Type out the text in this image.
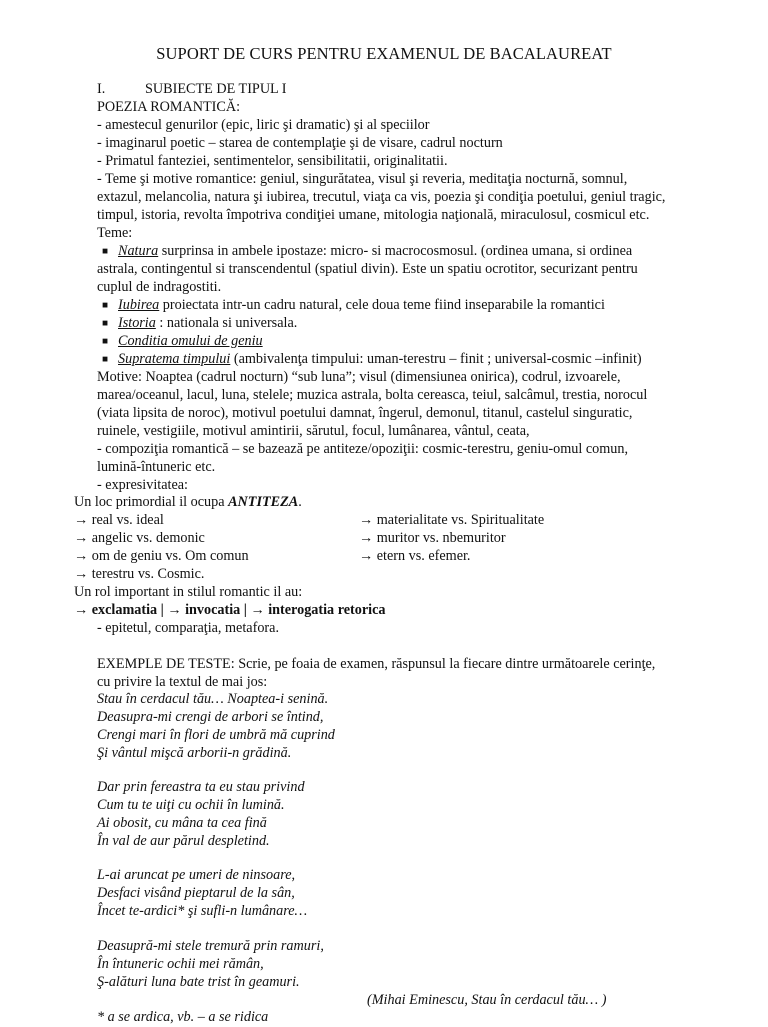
SUPORT DE CURS PENTRU EXAMENUL DE BACALAUREAT
I.	SUBIECTE DE TIPUL I
POEZIA ROMANTICĂ:
- amestecul genurilor (epic, liric şi dramatic) şi al speciilor
- imaginarul poetic – starea de contemplaţie şi de visare, cadrul nocturn
- Primatul fanteziei, sentimentelor, sensibilitatii, originalitatii.
- Teme şi motive romantice: geniul, singurătatea, visul şi reveria, meditaţia nocturnă, somnul,
extazul, melancolia, natura şi iubirea, trecutul, viaţa ca vis, poezia şi condiţia poetului, geniul tragic,
timpul, istoria, revolta împotriva condiţiei umane, mitologia naţională, miraculosul, cosmicul etc.
Teme:
■ Natura surprinsa in ambele ipostaze: micro- si macrocosmosul. (ordinea umana, si ordinea
astrala, contingentul si transcendentul (spatiul divin). Este un spatiu ocrotitor, securizant pentru
cuplul de indragostiti.
■ Iubirea proiectata intr-un cadru natural, cele doua teme fiind inseparabile la romantici
■ Istoria : nationala si universala.
■ Conditia omului de geniu
■ Supratema timpului (ambivalenţa timpului: uman-terestru – finit ; universal-cosmic –infinit)
Motive: Noaptea (cadrul nocturn) “sub luna”; visul (dimensiunea onirica), codrul, izvoarele,
marea/oceanul, lacul, luna, stelele; muzica astrala, bolta cereasca, teiul, salcâmul, trestia, norocul
(viata lipsita de noroc), motivul poetului damnat, îngerul, demonul, titanul, castelul singuratic,
ruinele, vestigiile, motivul amintirii, sărutul, focul, lumânarea, vântul, ceata,
- compoziţia romantică – se bazează pe antiteze/opoziţii: cosmic-terestru, geniu-omul comun,
lumină-întuneric etc.
- expresivitatea:
Un loc primordial il ocupa ANTITEZA.
→ real vs. ideal	→ materialitate vs. Spiritualitate
→ angelic vs. demonic	→ muritor vs. nbemuritor
→ om de geniu vs. Om comun	→ etern vs. efemer.
→ terestru vs. Cosmic.
Un rol important in stilul romantic il au:
→ exclamatia | → invocatia | → interogatia retorica
- epitetul, comparaţia, metafora.
EXEMPLE DE TESTE: Scrie, pe foaia de examen, răspunsul la fiecare dintre următoarele cerinţe,
cu privire la textul de mai jos:
Stau în cerdacul tău… Noaptea-i senină.
Deasupra-mi crengi de arbori se întind,
Crengi mari în flori de umbră mă cuprind
Şi vântul mişcă arborii-n grădină.
Dar prin fereastra ta eu stau privind
Cum tu te uiţi cu ochii în lumină.
Ai obosit, cu mâna ta cea fină
În val de aur părul despletind.
L-ai aruncat pe umeri de ninsoare,
Desfaci visând pieptarul de la sân,
Încet te-ardici* şi sufli-n lumânare…
Deasupră-mi stele tremură prin ramuri,
În întuneric ochii mei rămân,
Ş-alături luna bate trist în geamuri.
(Mihai Eminescu, Stau în cerdacul tău… )
* a se ardica, vb. – a se ridica
